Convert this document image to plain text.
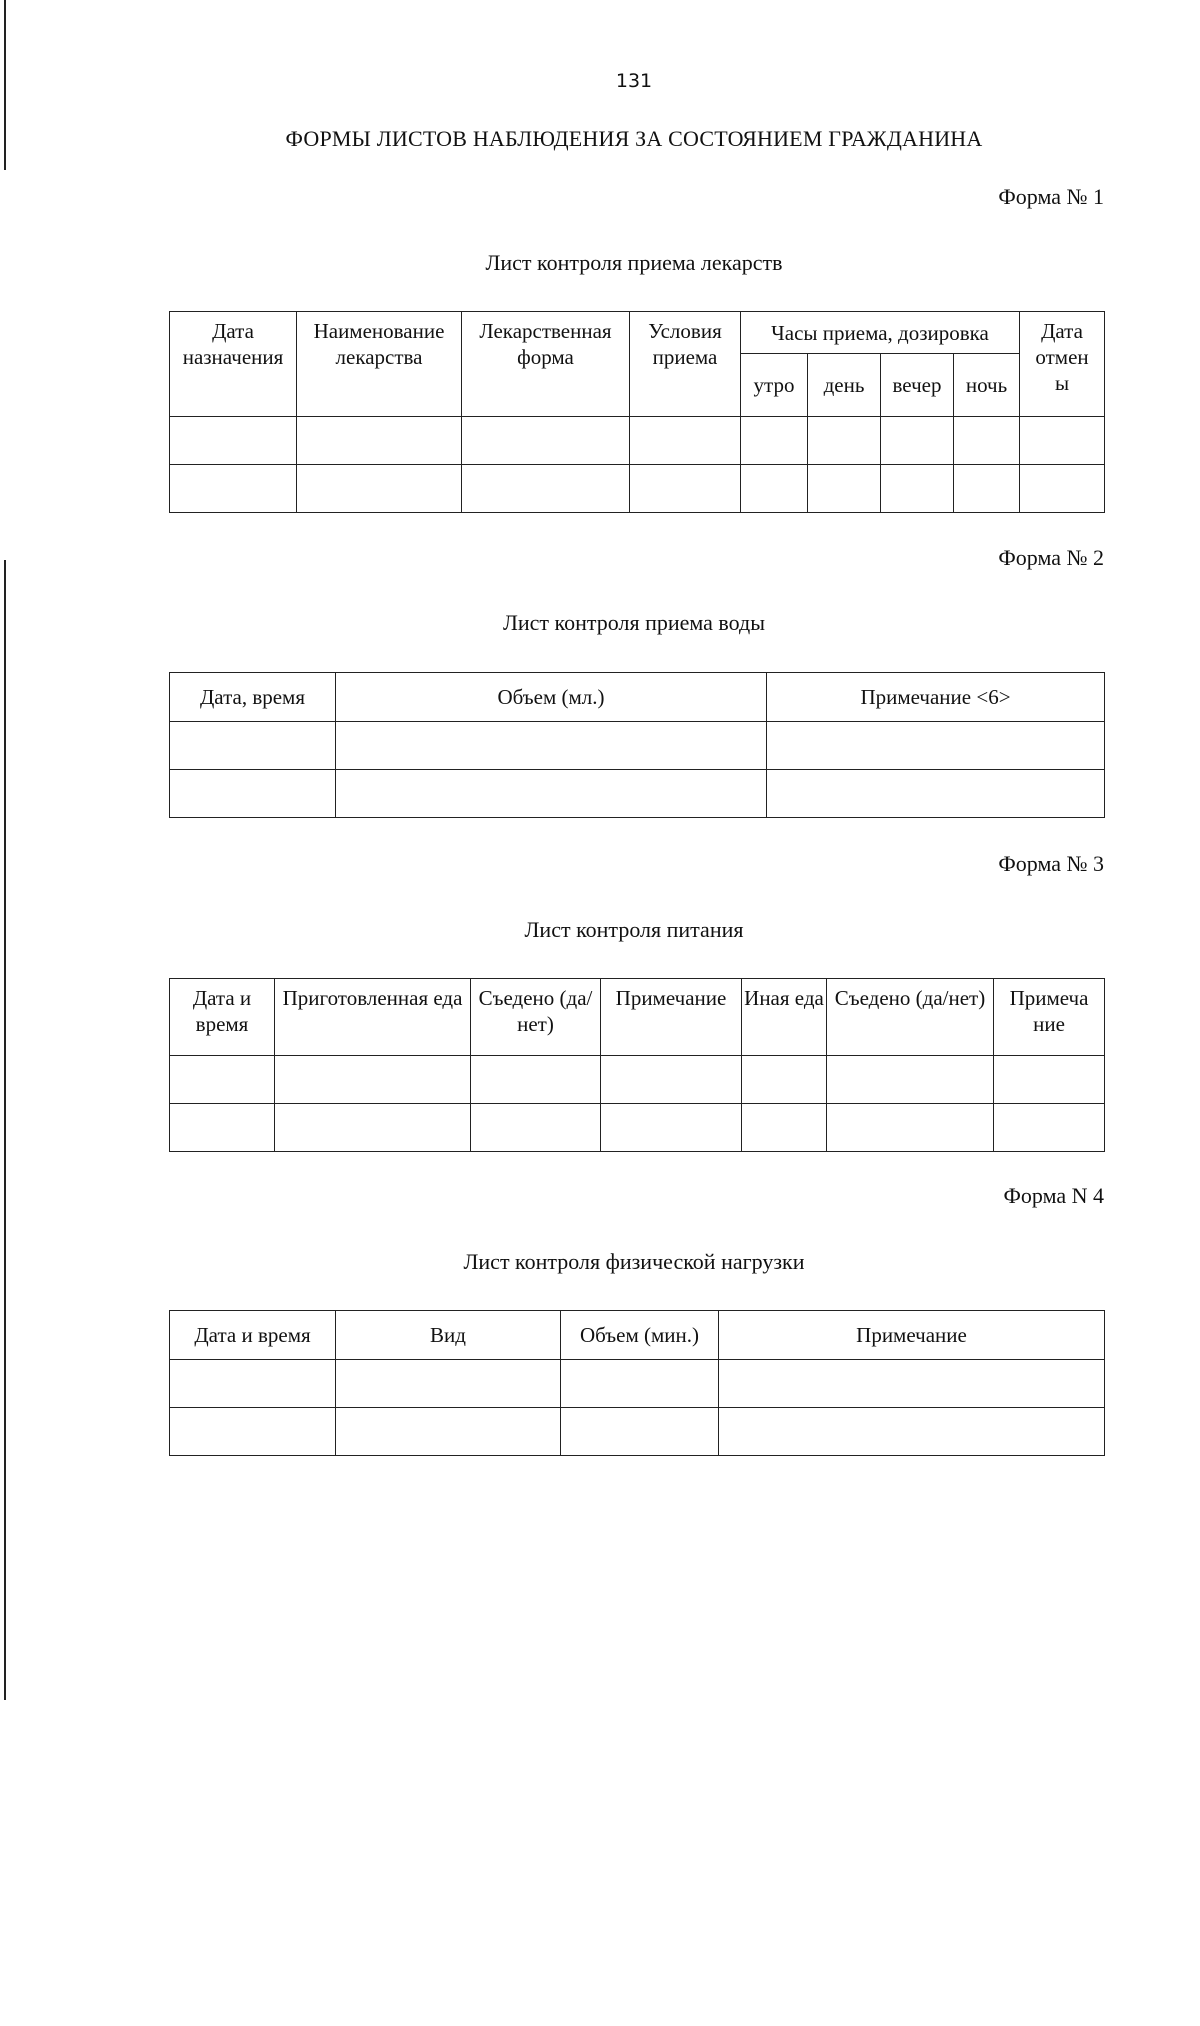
131
ФОРМЫ ЛИСТОВ НАБЛЮДЕНИЯ ЗА СОСТОЯНИЕМ ГРАЖДАНИНА
Форма № 1
Лист контроля приема лекарств
Дата назначения	Наименование лекарства	Лекарственная форма	Условия приема	Часы приема, дозировка				Дата отмен ы
				утро	день	вечер	ночь	

Форма № 2
Лист контроля приема воды
Дата, время	Объем (мл.)	Примечание <6>

Форма № 3
Лист контроля питания
Дата и время	Приготовленная еда	Съедено (да/нет)	Примечание	Иная еда	Съедено (да/нет)	Примеча ние

Форма N 4
Лист контроля физической нагрузки
Дата и время	Вид	Объем (мин.)	Примечание
